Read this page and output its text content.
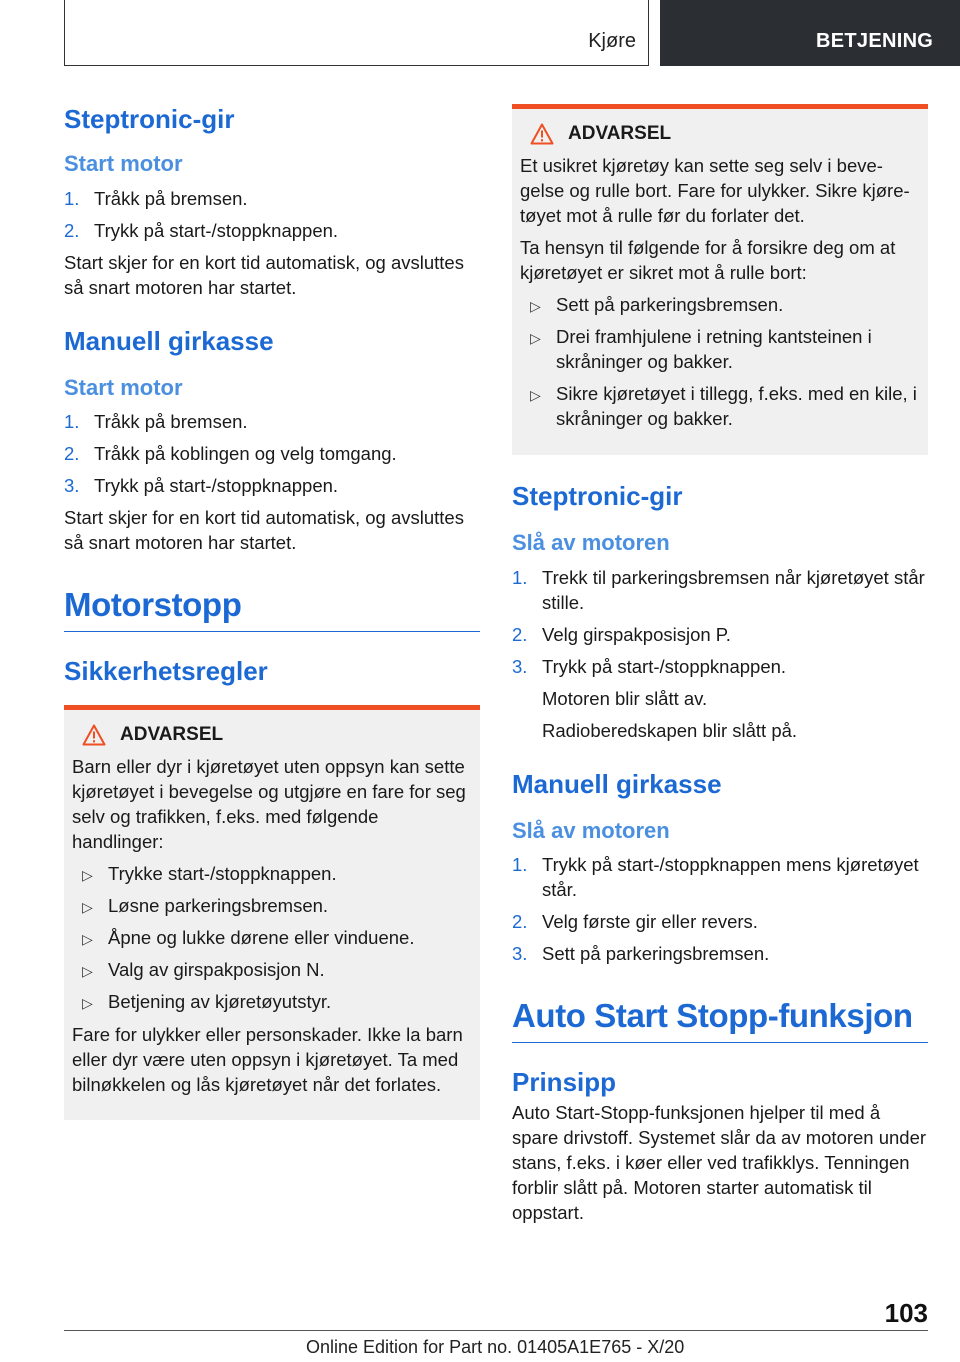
Kjøre	BETJENING
Steptronic-gir
Start motor
1. Tråkk på bremsen.
2. Trykk på start-/stoppknappen.

Start skjer for en kort tid automatisk, og avsluttes så snart motoren har startet.

Manuell girkasse
Start motor
1. Tråkk på bremsen.
2. Tråkk på koblingen og velg tomgang.
3. Trykk på start-/stoppknappen.

Start skjer for en kort tid automatisk, og avsluttes så snart motoren har startet.

Motorstopp
Sikkerhetsregler
ADVARSEL

Barn eller dyr i kjøretøyet uten oppsyn kan sette kjøretøyet i bevegelse og utgjøre en fare for seg selv og trafikken, f.eks. med følgende handlinger:

▷ Trykke start-/stoppknappen.
▷ Løsne parkeringsbremsen.
▷ Åpne og lukke dørene eller vinduene.
▷ Valg av girspakposisjon N.
▷ Betjening av kjøretøyutstyr.

Fare for ulykker eller personskader. Ikke la barn eller dyr være uten oppsyn i kjøretøyet. Ta med bilnøkkelen og lås kjøretøyet når det forlates.

ADVARSEL

Et usikret kjøretøy kan sette seg selv i bevegelse og rulle bort. Fare for ulykker. Sikre kjøretøyet mot å rulle før du forlater det.

Ta hensyn til følgende for å forsikre deg om at kjøretøyet er sikret mot å rulle bort:

▷ Sett på parkeringsbremsen.
▷ Drei framhjulene i retning kantsteinen i skråninger og bakker.
▷ Sikre kjøretøyet i tillegg, f.eks. med en kile, i skråninger og bakker.
Steptronic-gir
Slå av motoren
1. Trekk til parkeringsbremsen når kjøretøyet står stille.
2. Velg girspakposisjon P.
3. Trykk på start-/stoppknappen.
Motoren blir slått av.
Radioberedskapen blir slått på.
Manuell girkasse
Slå av motoren
1. Trykk på start-/stoppknappen mens kjøretøyet står.
2. Velg første gir eller revers.
3. Sett på parkeringsbremsen.
Auto Start Stopp-funksjon
Prinsipp

Auto Start-Stopp-funksjonen hjelper til med å spare drivstoff. Systemet slår da av motoren under stans, f.eks. i køer eller ved trafikklys. Tenningen forblir slått på. Motoren starter automatisk til oppstart.

103
Online Edition for Part no. 01405A1E765 - X/20
